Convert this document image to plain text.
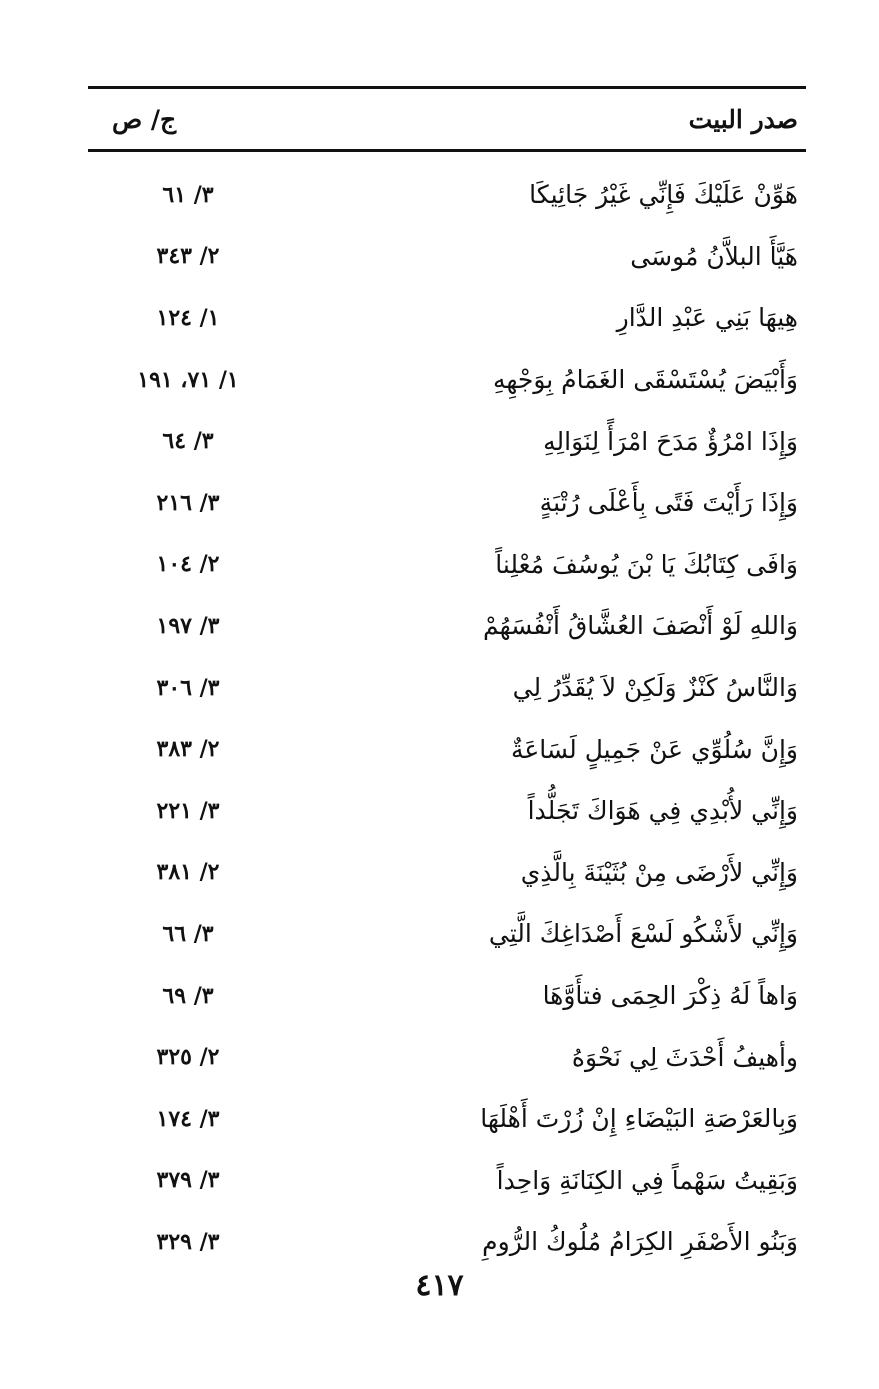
صدر البيت
ج/ ص
هَوِّنْ عَلَيْكَ فَإِنِّي غَيْرُ جَائِيكَا
٣/ ٦١
هَيَّأَ البلاَّنُ مُوسَى
٢/ ٣٤٣
هِيهَا بَنِي عَبْدِ الدَّارِ
١/ ١٢٤
وَأَبْيَضَ يُسْتَسْقَى الغَمَامُ بِوَجْهِهِ
١/ ٧١، ١٩١
وَإِذَا امْرُؤٌ مَدَحَ امْرَأً لِنَوَالِهِ
٣/ ٦٤
وَإِذَا رَأَيْتَ فَتًى بِأَعْلَى رُتْبَةٍ
٣/ ٢١٦
وَافَى كِتَابُكَ يَا بْنَ يُوسُفَ مُعْلِناً
٢/ ١٠٤
وَاللهِ لَوْ أَنْصَفَ العُشَّاقُ أَنْفُسَهُمْ
٣/ ١٩٧
وَالنَّاسُ كَنْزٌ وَلَكِنْ لاَ يُقَدِّرُ لِي
٣/ ٣٠٦
وَإِنَّ سُلُوِّي عَنْ جَمِيلٍ لَسَاعَةٌ
٢/ ٣٨٣
وَإِنِّي لأُبْدِي فِي هَوَاكَ تَجَلُّداً
٣/ ٢٢١
وَإِنِّي لأَرْضَى مِنْ بُثَيْنَةَ بِالَّذِي
٢/ ٣٨١
وَإِنِّي لأَشْكُو لَسْعَ أَصْدَاغِكَ الَّتِي
٣/ ٦٦
وَاهاً لَهُ ذِكْرَ الحِمَى فتأَوَّهَا
٣/ ٦٩
وأهيفُ أَحْدَثَ لِي نَحْوَهُ
٢/ ٣٢٥
وَبِالعَرْصَةِ البَيْضَاءِ إِنْ زُرْتَ أَهْلَهَا
٣/ ١٧٤
وَبَقِيتُ سَهْماً فِي الكِنَانَةِ وَاحِداً
٣/ ٣٧٩
وَبَنُو الأَصْفَرِ الكِرَامُ مُلُوكُ الرُّومِ
٣/ ٣٢٩
٤١٧
